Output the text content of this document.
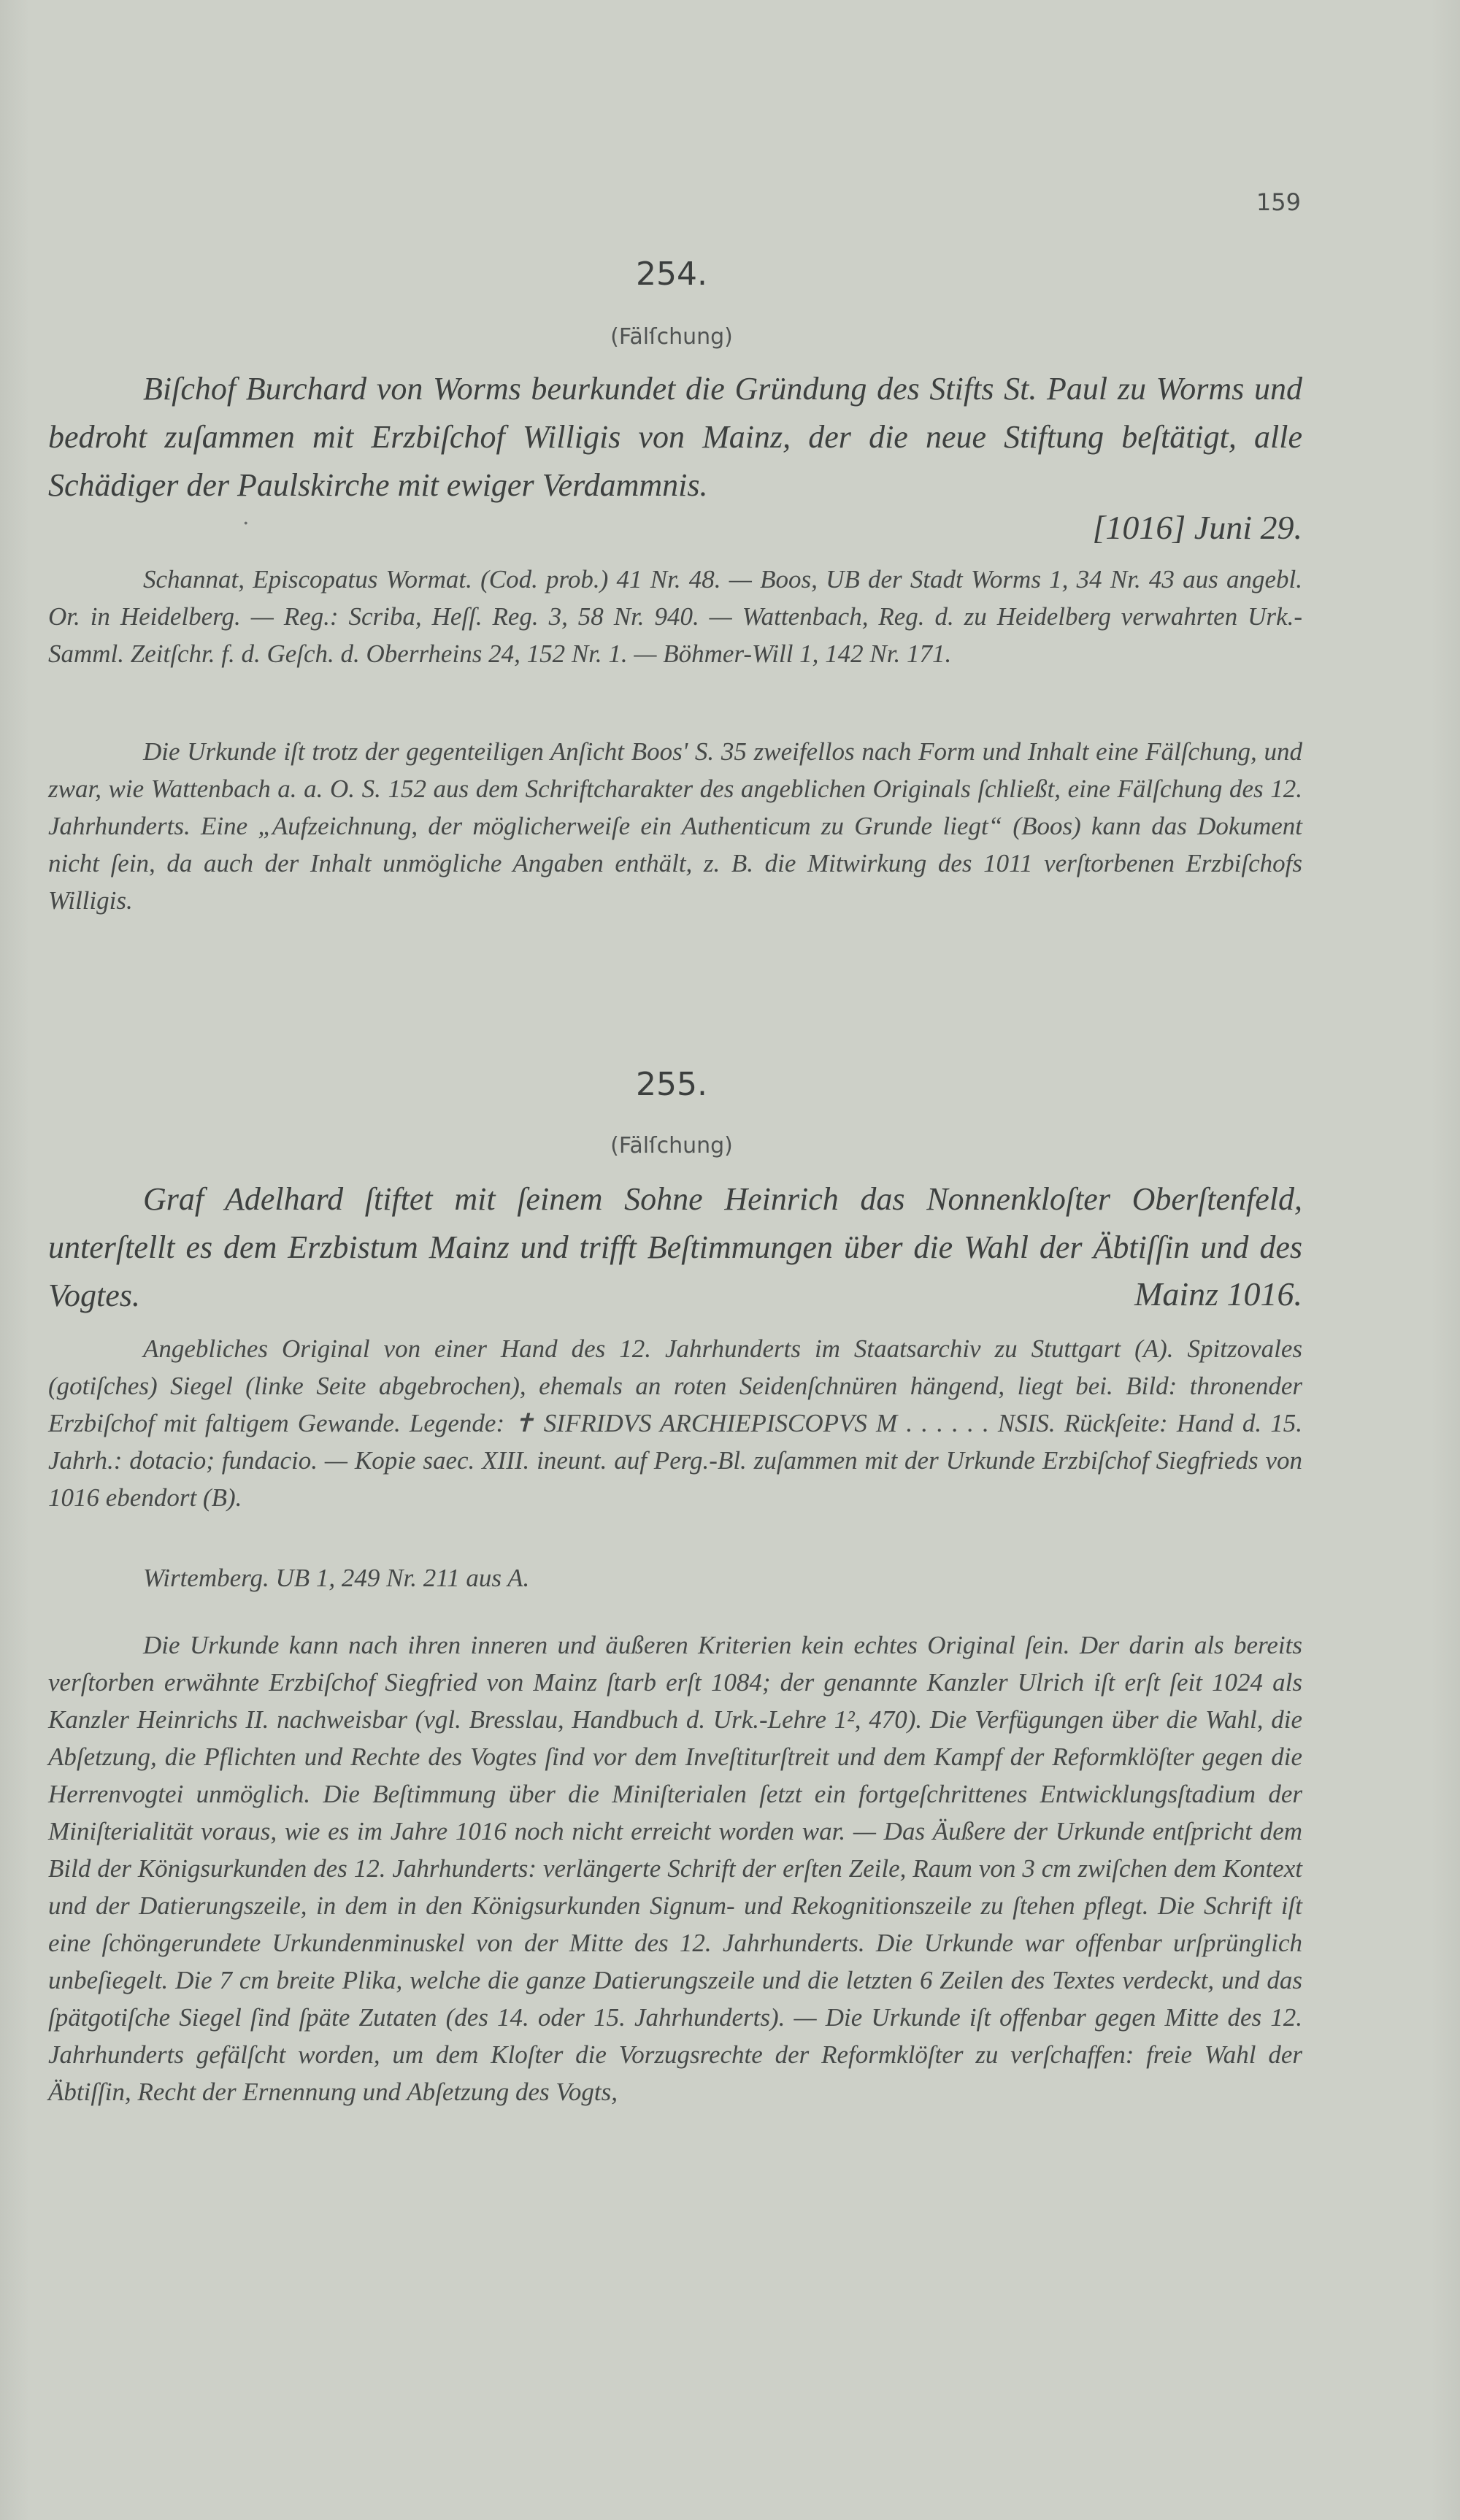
159
254.
(Fälſchung)

Biſchof Burchard von Worms beurkundet die Gründung des Stifts St. Paul zu Worms und bedroht zuſammen mit Erzbiſchof Willigis von Mainz, der die neue Stiftung beſtätigt, alle Schädiger der Paulskirche mit ewiger Verdammnis.

·	[1016] Juni 29.

Schannat, Episcopatus Wormat. (Cod. prob.) 41 Nr. 48. — Boos, UB der Stadt Worms 1, 34 Nr. 43 aus angebl. Or. in Heidelberg. — Reg.: Scriba, Heſſ. Reg. 3, 58 Nr. 940. — Wattenbach, Reg. d. zu Heidelberg verwahrten Urk.-Samml. Zeitſchr. f. d. Geſch. d. Oberrheins 24, 152 Nr. 1. — Böhmer-Will 1, 142 Nr. 171.

Die Urkunde iſt trotz der gegenteiligen Anſicht Boos' S. 35 zweifellos nach Form und Inhalt eine Fälſchung, und zwar, wie Wattenbach a. a. O. S. 152 aus dem Schriftcharakter des angeblichen Originals ſchließt, eine Fälſchung des 12. Jahrhunderts. Eine „Aufzeichnung, der möglicherweiſe ein Authenticum zu Grunde liegt“ (Boos) kann das Dokument nicht ſein, da auch der Inhalt unmögliche Angaben enthält, z. B. die Mitwirkung des 1011 verſtorbenen Erzbiſchofs Willigis.

255.
(Fälſchung)

Graf Adelhard ſtiftet mit ſeinem Sohne Heinrich das Nonnenkloſter Oberſtenfeld, unterſtellt es dem Erzbistum Mainz und trifft Beſtimmungen über die Wahl der Äbtiſſin und des Vogtes.	Mainz 1016.

Angebliches Original von einer Hand des 12. Jahrhunderts im Staatsarchiv zu Stuttgart (A). Spitzovales (gotiſches) Siegel (linke Seite abgebrochen), ehemals an roten Seidenſchnüren hängend, liegt bei. Bild: thronender Erzbiſchof mit faltigem Gewande. Legende: ✝ SIFRIDVS ARCHIEPISCOPVS M . . . . . . NSIS. Rückſeite: Hand d. 15. Jahrh.: dotacio; fundacio. — Kopie saec. XIII. ineunt. auf Perg.-Bl. zuſammen mit der Urkunde Erzbiſchof Siegfrieds von 1016 ebendort (B).

Wirtemberg. UB 1, 249 Nr. 211 aus A.

Die Urkunde kann nach ihren inneren und äußeren Kriterien kein echtes Original ſein. Der darin als bereits verſtorben erwähnte Erzbiſchof Siegfried von Mainz ſtarb erſt 1084; der genannte Kanzler Ulrich iſt erſt ſeit 1024 als Kanzler Heinrichs II. nachweisbar (vgl. Bresslau, Handbuch d. Urk.-Lehre 1², 470). Die Verfügungen über die Wahl, die Abſetzung, die Pflichten und Rechte des Vogtes ſind vor dem Inveſtiturſtreit und dem Kampf der Reformklöſter gegen die Herrenvogtei unmöglich. Die Beſtimmung über die Miniſterialen ſetzt ein fortgeſchrittenes Entwicklungsſtadium der Miniſterialität voraus, wie es im Jahre 1016 noch nicht erreicht worden war. — Das Äußere der Urkunde entſpricht dem Bild der Königsurkunden des 12. Jahrhunderts: verlängerte Schrift der erſten Zeile, Raum von 3 cm zwiſchen dem Kontext und der Datierungszeile, in dem in den Königsurkunden Signum- und Rekognitionszeile zu ſtehen pflegt. Die Schrift iſt eine ſchöngerundete Urkundenminuskel von der Mitte des 12. Jahrhunderts. Die Urkunde war offenbar urſprünglich unbeſiegelt. Die 7 cm breite Plika, welche die ganze Datierungszeile und die letzten 6 Zeilen des Textes verdeckt, und das ſpätgotiſche Siegel ſind ſpäte Zutaten (des 14. oder 15. Jahrhunderts). — Die Urkunde iſt offenbar gegen Mitte des 12. Jahrhunderts gefälſcht worden, um dem Kloſter die Vorzugsrechte der Reformklöſter zu verſchaffen: freie Wahl der Äbtiſſin, Recht der Ernennung und Abſetzung des Vogts,
